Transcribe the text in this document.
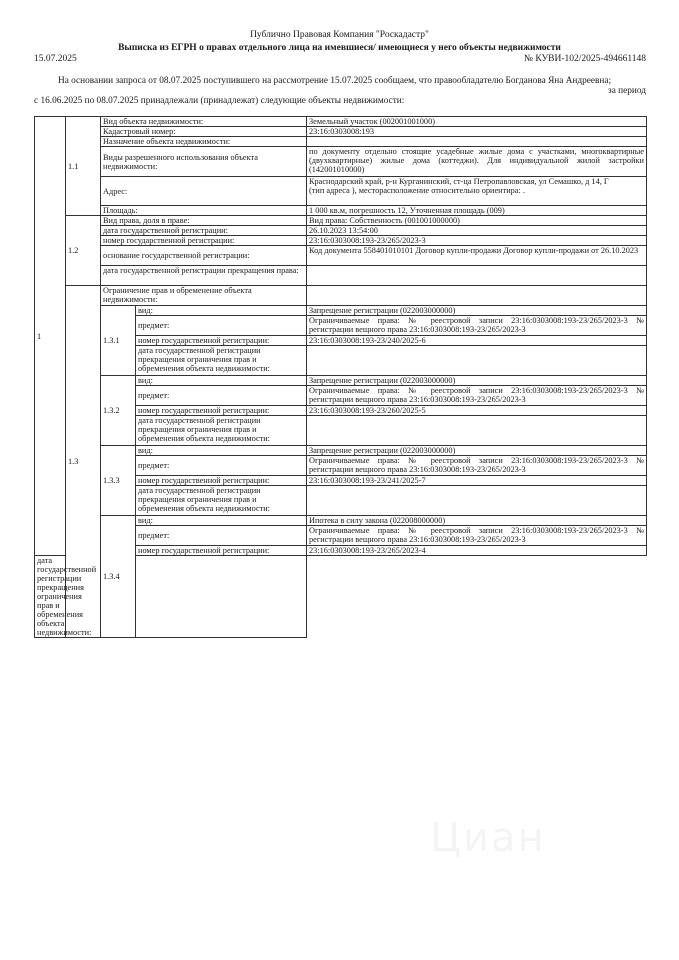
Публично Правовая Компания "Роскадастр"
Выписка из ЕГРН о правах отдельного лица на имевшиеся/ имеющиеся у него объекты недвижимости
15.07.2025	№ КУВИ-102/2025-494661148
На основании запроса от 08.07.2025 поступившего на рассмотрение 15.07.2025 сообщаем, что правообладателю Богданова Яна Андреевна;
за период
с 16.06.2025 по 08.07.2025 принадлежали (принадлежат) следующие объекты недвижимости:
1	1.1	Вид объекта недвижимости:		Земельный участок (002001001000)
		Кадастровый номер:		23:16:0303008:193
		Назначение объекта недвижимости:		
		Виды разрешенного использования объекта недвижимости:		по документу отдельно стоящие усадебные жилые дома с участками, многоквартирные (двухквартирные) жилые дома (коттеджи). Для индивидуальной жилой застройки (142001010000)
		Адрес:		Краснодарский край, р-н Курганинский, ст-ца Петропавловская, ул Семашко, д 14, Г
(тип адреса ), месторасположение относительно ориентира: .

		Площадь:		1 000 кв.м, погрешность 12, Уточненная площадь (009)
	1.2	Вид права, доля в праве:		Вид права: Собственность (001001000000)
		дата государственной регистрации:		26.10.2023 13:54:00
		номер государственной регистрации:		23:16:0303008:193-23/265/2023-3
		основание государственной регистрации:		Код документа 558401010101 Договор купли-продажи Договор купли-продажи от 26.10.2023
		дата государственной регистрации прекращения права:		
	1.3	Ограничение прав и обременение объекта недвижимости:		
		1.3.1	вид:	Запрещение регистрации (022003000000)
			предмет:	Ограничиваемые права: № реестровой записи 23:16:0303008:193-23/265/2023-3 № регистрации вещного права 23:16:0303008:193-23/265/2023-3
			номер государственной регистрации:	23:16:0303008:193-23/240/2025-6
			дата государственной регистрации прекращения ограничения прав и обременения объекта недвижимости:	
		1.3.2	вид:	Запрещение регистрации (022003000000)
			предмет:	Ограничиваемые права: № реестровой записи 23:16:0303008:193-23/265/2023-3 № регистрации вещного права 23:16:0303008:193-23/265/2023-3
			номер государственной регистрации:	23:16:0303008:193-23/260/2025-5
			дата государственной регистрации прекращения ограничения прав и обременения объекта недвижимости:	
		1.3.3	вид:	Запрещение регистрации (022003000000)
			предмет:	Ограничиваемые права: № реестровой записи 23:16:0303008:193-23/265/2023-3 № регистрации вещного права 23:16:0303008:193-23/265/2023-3
			номер государственной регистрации:	23:16:0303008:193-23/241/2025-7
			дата государственной регистрации прекращения ограничения прав и обременения объекта недвижимости:	
		1.3.4	вид:	Ипотека в силу закона (022008000000)
			предмет:	Ограничиваемые права: № реестровой записи 23:16:0303008:193-23/265/2023-3 № регистрации вещного права 23:16:0303008:193-23/265/2023-3
			номер государственной регистрации:	23:16:0303008:193-23/265/2023-4
дата государственной регистрации прекращения ограничения прав и обременения объекта недвижимости:				
